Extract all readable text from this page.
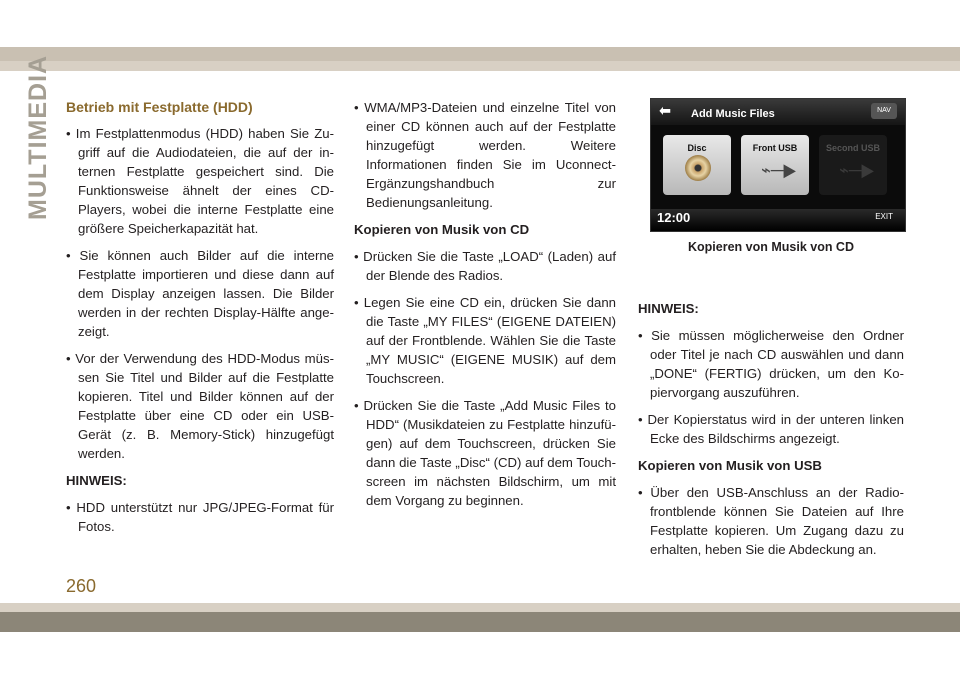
MULTIMEDIA Betrieb mit Festplatte (HDD)
• Im Festplattenmodus (HDD) haben Sie Zugriff auf die Audiodateien, die auf der internen Festplatte gespeichert sind. Die Funktionsweise ähnelt der eines CD-Players, wobei die interne Festplatte eine größere Speicherkapazität hat.
• Sie können auch Bilder auf die interne Festplatte importieren und diese dann auf dem Display anzeigen lassen. Die Bilder werden in der rechten Display-Hälfte angezeigt.
• Vor der Verwendung des HDD-Modus müssen Sie Titel und Bilder auf die Festplatte kopieren. Titel und Bilder können auf der Festplatte über eine CD oder ein USB-Gerät (z. B. Memory-Stick) hinzugefügt werden.
HINWEIS:
• HDD unterstützt nur JPG/JPEG-Format für Fotos.
• WMA/MP3-Dateien und einzelne Titel von einer CD können auch auf der Festplatte hinzugefügt werden. Weitere Informationen finden Sie im Uconnect-Ergänzungshandbuch zur Bedienungsanleitung.
Kopieren von Musik von CD
• Drücken Sie die Taste „LOAD“ (Laden) auf der Blende des Radios.
• Legen Sie eine CD ein, drücken Sie dann die Taste „MY FILES“ (EIGENE DATEIEN) auf der Frontblende. Wählen Sie die Taste „MY MUSIC“ (EIGENE MUSIK) auf dem Touchscreen.
• Drücken Sie die Taste „Add Music Files to HDD“ (Musikdateien zu Festplatte hinzufügen) auf dem Touchscreen, drücken Sie dann die Taste „Disc“ (CD) auf dem Touchscreen im nächsten Bildschirm, um mit dem Vorgang zu beginnen.
⬅	Add Music Files	NAV
Disc	Front USB
⌁─▶
Second USB
⌁─▶
12:00	EXIT
Kopieren von Musik von CD
HINWEIS:
• Sie müssen möglicherweise den Ordner oder Titel je nach CD auswählen und dann „DONE“ (FERTIG) drücken, um den Kopiervorgang auszuführen.
• Der Kopierstatus wird in der unteren linken Ecke des Bildschirms angezeigt.
Kopieren von Musik von USB
• Über den USB-Anschluss an der Radiofrontblende können Sie Dateien auf Ihre Festplatte kopieren. Um Zugang dazu zu erhalten, heben Sie die Abdeckung an.
260
